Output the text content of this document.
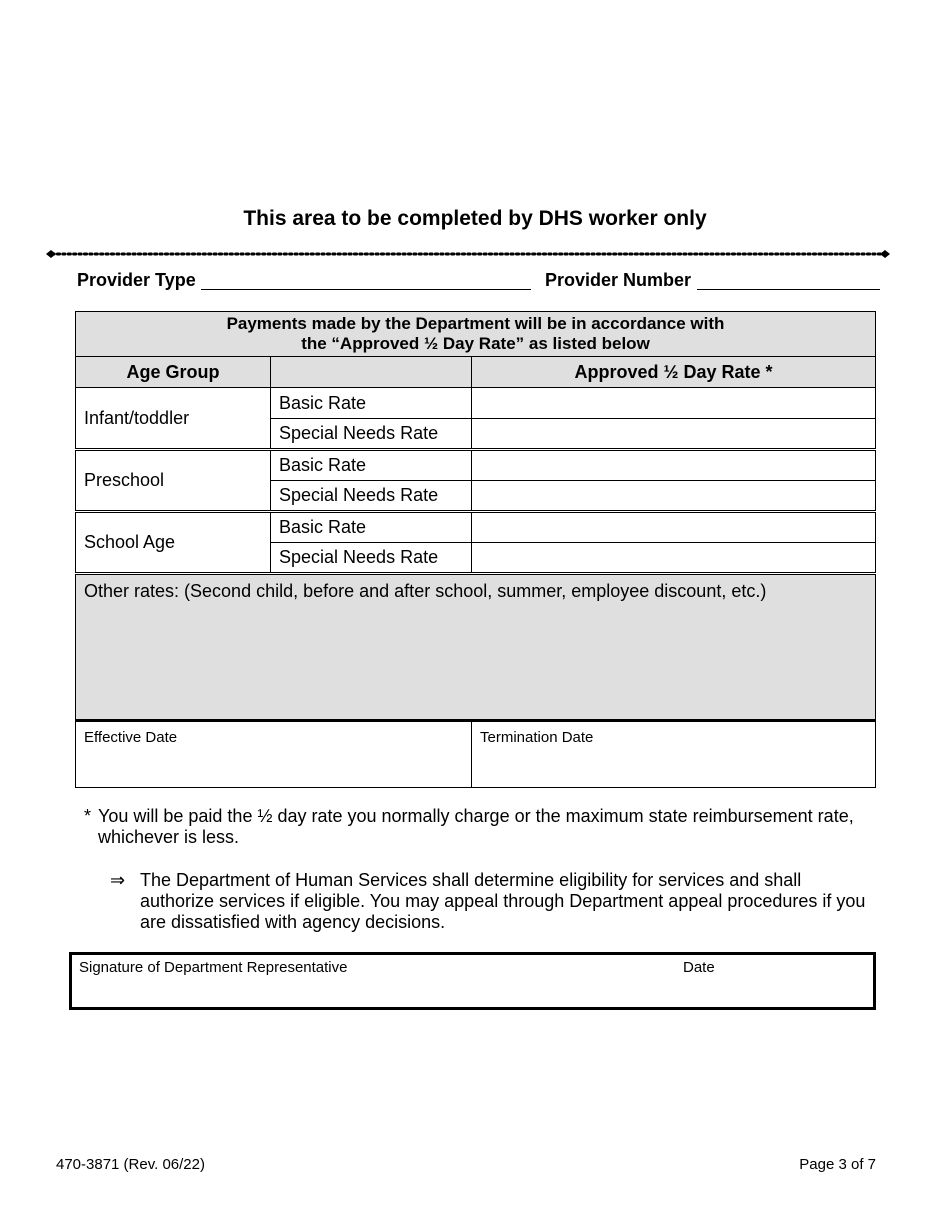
This area to be completed by DHS worker only
Provider Type	Provider Number
Payments made by the Department will be in accordance with
the “Approved ½ Day Rate” as listed below		

Age Group		Approved ½ Day Rate *
Infant/toddler	Basic Rate	
	Special Needs Rate	
Preschool	Basic Rate	
	Special Needs Rate	
School Age	Basic Rate	
	Special Needs Rate	
Other rates: (Second child, before and after school, summer, employee discount, etc.)		
Effective Date		Termination Date
* You will be paid the ½ day rate you normally charge or the maximum state reimbursement rate, whichever is less.
⇒ The Department of Human Services shall determine eligibility for services and shall authorize services if eligible. You may appeal through Department appeal procedures if you are dissatisfied with agency decisions.
Signature of Department Representative	Date
470-3871 (Rev. 06/22)	Page 3 of 7
